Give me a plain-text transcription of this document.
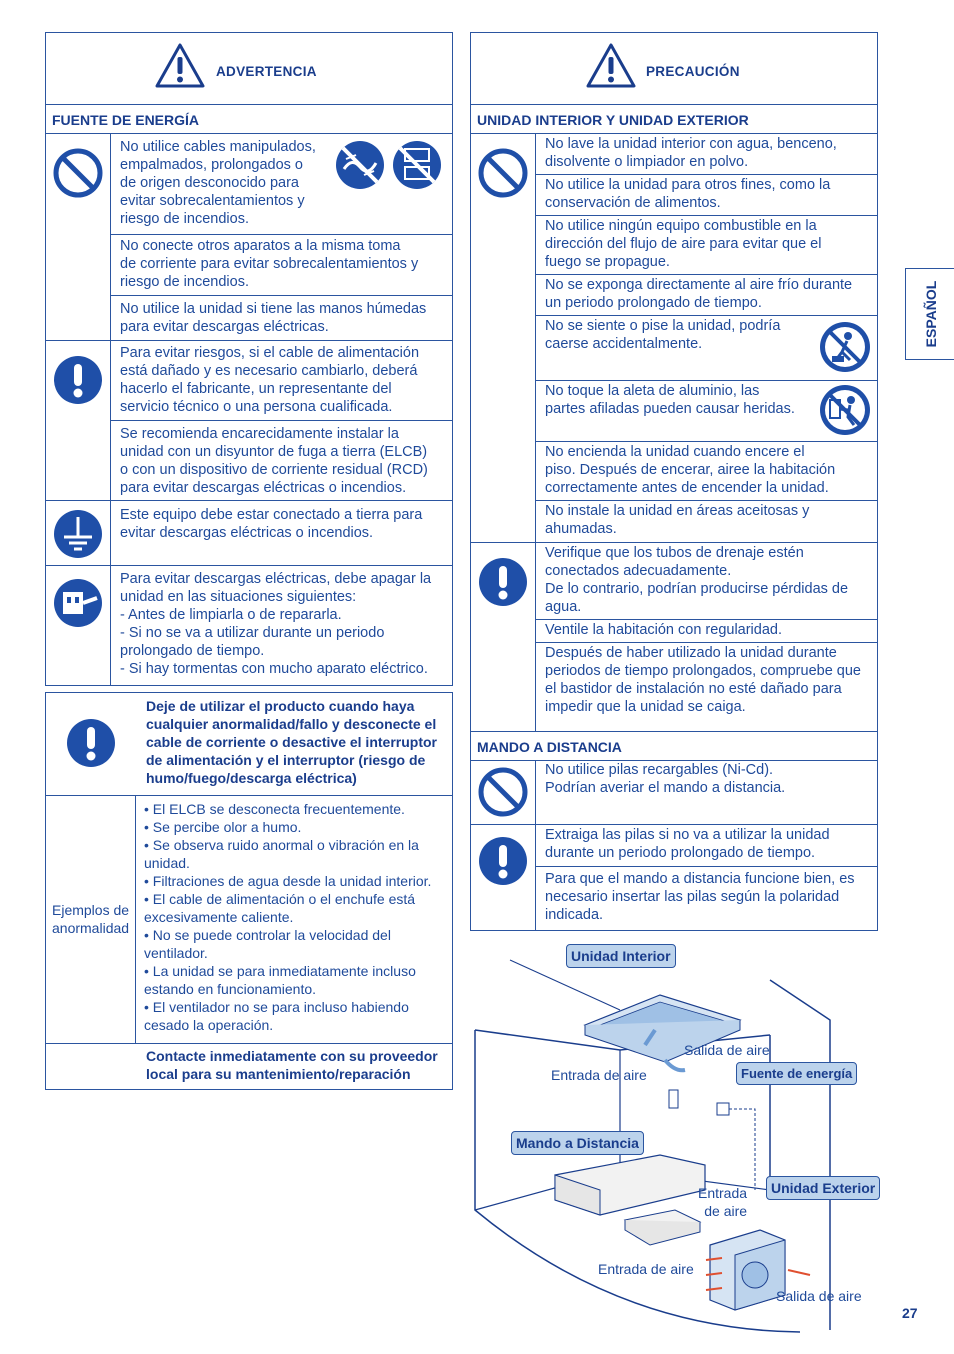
ADVERTENCIA
FUENTE DE ENERGÍA
No utilice cables manipulados,
empalmados, prolongados o
de origen desconocido para
evitar sobrecalentamientos y
riesgo de incendios.
No conecte otros aparatos a la misma toma
de corriente para evitar sobrecalentamientos y
riesgo de incendios.
No utilice la unidad si tiene las manos húmedas
para evitar descargas eléctricas.
Para evitar riesgos, si el cable de alimentación
está dañado y es necesario cambiarlo, deberá
hacerlo el fabricante, un representante del
servicio técnico o una persona cualificada.
Se recomienda encarecidamente instalar la
unidad con un disyuntor de fuga a tierra (ELCB)
o con un dispositivo de corriente residual (RCD)
para evitar descargas eléctricas o incendios.
Este equipo debe estar conectado a tierra para
evitar descargas eléctricas o incendios.
Para evitar descargas eléctricas, debe apagar la
unidad en las situaciones siguientes:
- Antes de limpiarla o de repararla.
- Si no se va a utilizar durante un periodo
prolongado de tiempo.
- Si hay tormentas con mucho aparato eléctrico.
Deje de utilizar el producto cuando haya
cualquier anormalidad/fallo y desconecte el
cable de corriente o desactive el interruptor
de alimentación y el interruptor (riesgo de
humo/fuego/descarga eléctrica)
Ejemplos de
anormalidad
• El ELCB se desconecta frecuentemente.
• Se percibe olor a humo.
• Se observa ruido anormal o vibración en la
unidad.
• Filtraciones de agua desde la unidad interior.
• El cable de alimentación o el enchufe está
excesivamente caliente.
• No se puede controlar la velocidad del
ventilador.
• La unidad se para inmediatamente incluso
estando en funcionamiento.
• El ventilador no se para incluso habiendo
cesado la operación.
Contacte inmediatamente con su proveedor
local para su mantenimiento/reparación
PRECAUCIÓN
UNIDAD INTERIOR Y UNIDAD EXTERIOR
MANDO A DISTANCIA
No lave la unidad interior con agua, benceno,
disolvente o limpiador en polvo.
No utilice la unidad para otros fines, como la
conservación de alimentos.
No utilice ningún equipo combustible en la
dirección del flujo de aire para evitar que el
fuego se propague.
No se exponga directamente al aire frío durante
un periodo prolongado de tiempo.
No se siente o pise la unidad, podría
caerse accidentalmente.
No toque la aleta de aluminio, las
partes afiladas pueden causar heridas.
No encienda la unidad cuando encere el
piso. Después de encerar, airee la habitación
correctamente antes de encender la unidad.
No instale la unidad en áreas aceitosas y
ahumadas.
Verifique que los tubos de drenaje estén
conectados adecuadamente.
De lo contrario, podrían producirse pérdidas de
agua.
Ventile la habitación con regularidad.
Después de haber utilizado la unidad durante
periodos de tiempo prolongados, compruebe que
el bastidor de instalación no esté dañado para
impedir que la unidad se caiga.
No utilice pilas recargables (Ni-Cd).
Podrían averiar el mando a distancia.
Extraiga las pilas si no va a utilizar la unidad
durante un periodo prolongado de tiempo.
Para que el mando a distancia funcione bien, es
necesario insertar las pilas según la polaridad
indicada.
ESPAÑOL
Unidad Interior
Salida de aire
Entrada de aire	Fuente de energía
Mando a Distancia
Unidad Exterior
Entrada
de aire
Entrada de aire
Salida de aire
27
